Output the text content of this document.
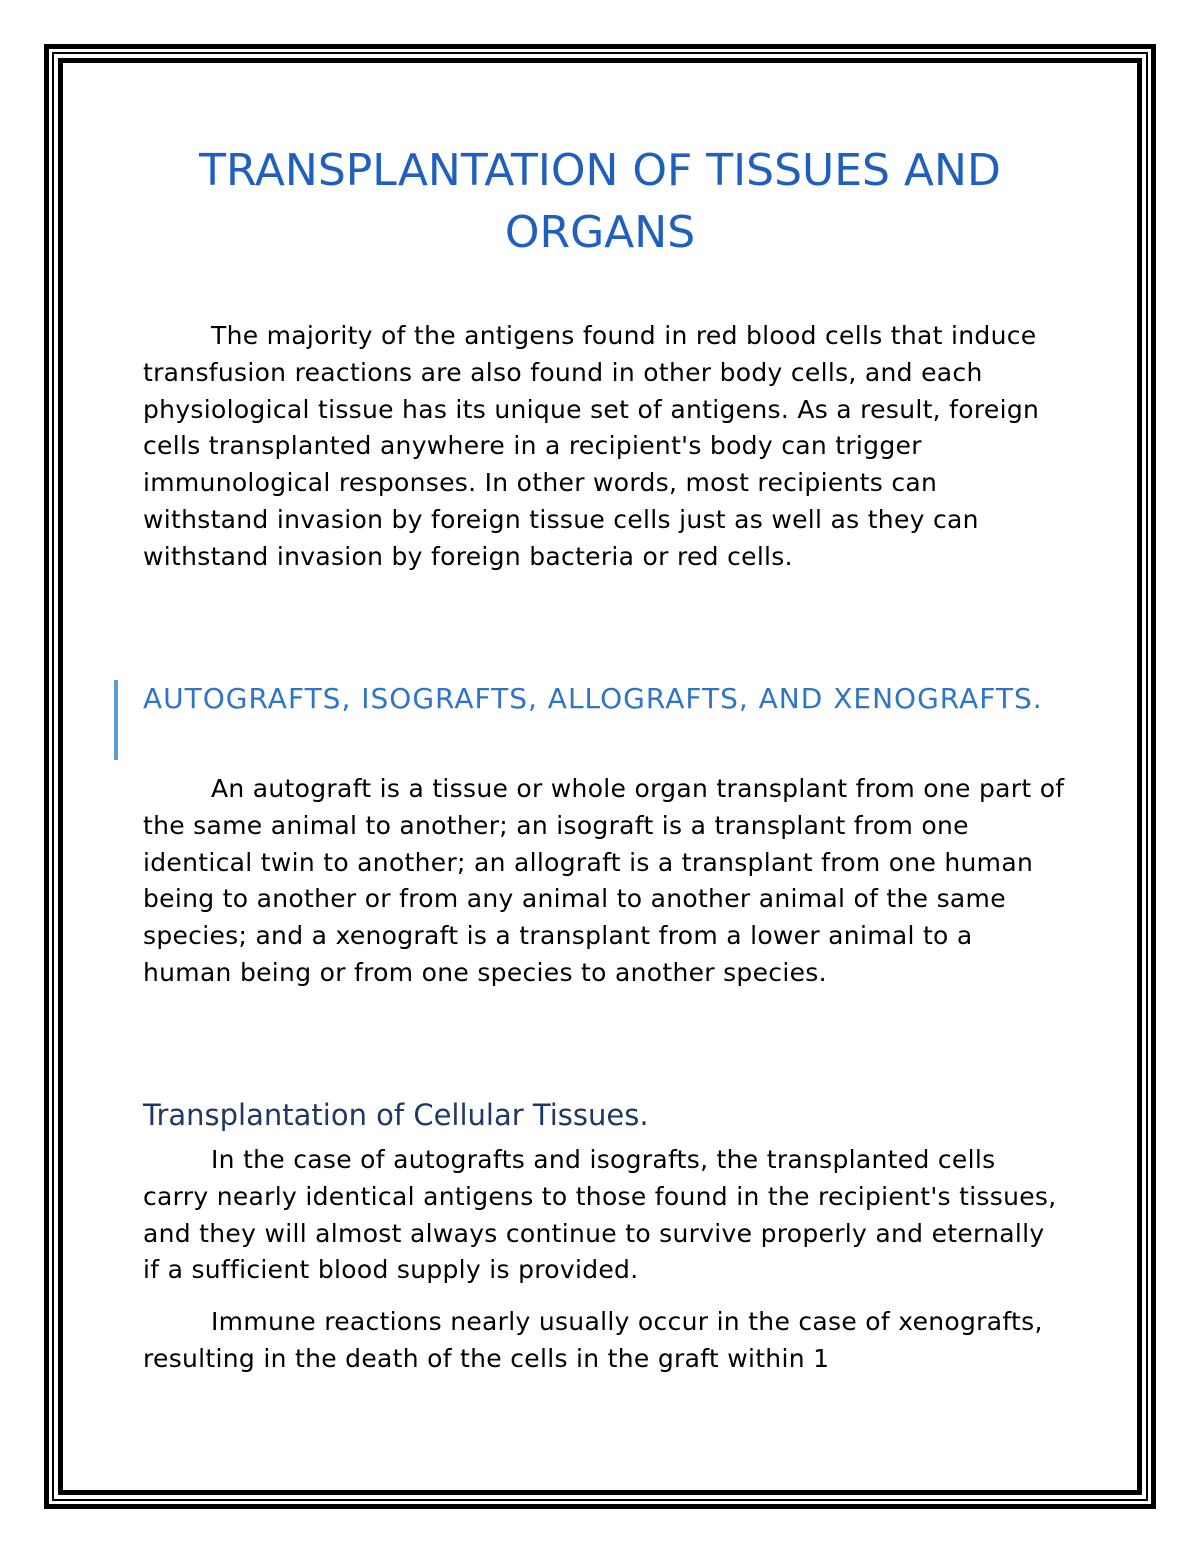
TRANSPLANTATION OF TISSUES AND ORGANS

The majority of the antigens found in red blood cells that induce transfusion reactions are also found in other body cells, and each physiological tissue has its unique set of antigens. As a result, foreign cells transplanted anywhere in a recipient's body can trigger immunological responses. In other words, most recipients can withstand invasion by foreign tissue cells just as well as they can withstand invasion by foreign bacteria or red cells.

AUTOGRAFTS, ISOGRAFTS, ALLOGRAFTS, AND XENOGRAFTS.

An autograft is a tissue or whole organ transplant from one part of the same animal to another; an isograft is a transplant from one identical twin to another; an allograft is a transplant from one human being to another or from any animal to another animal of the same species; and a xenograft is a transplant from a lower animal to a human being or from one species to another species.

Transplantation of Cellular Tissues.

In the case of autografts and isografts, the transplanted cells carry nearly identical antigens to those found in the recipient's tissues, and they will almost always continue to survive properly and eternally if a sufficient blood supply is provided.

Immune reactions nearly usually occur in the case of xenografts, resulting in the death of the cells in the graft within 1
